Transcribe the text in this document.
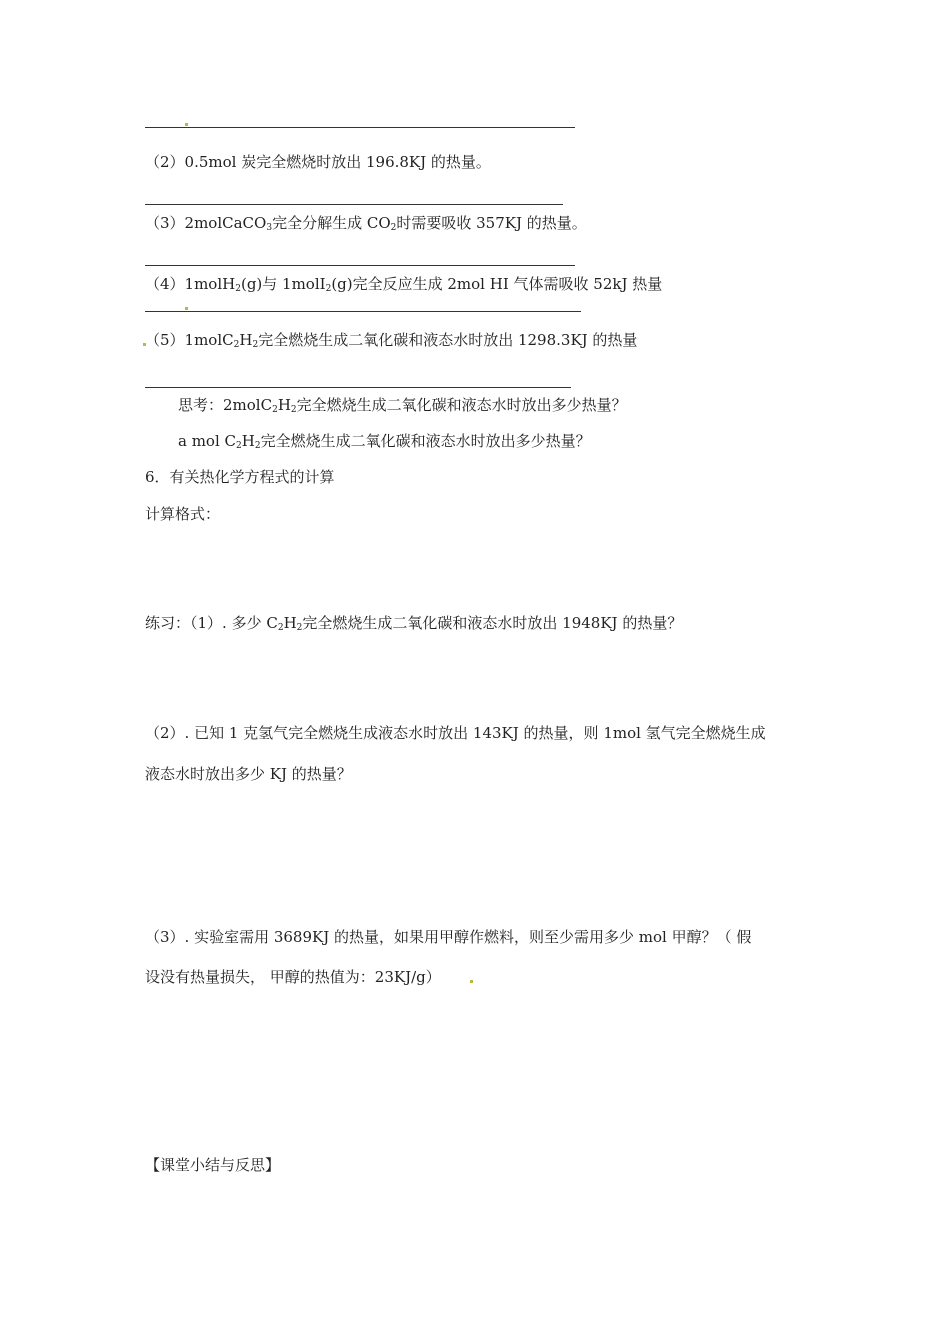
（2）0.5mol 炭完全燃烧时放出 196.8KJ 的热量。
（3）2molCaCO$_3$完全分解生成 $CO_2$时需要吸收 357KJ 的热量。
（4）1molH$_2$(g)与 1molI$_2$(g)完全反应生成 2mol HI 气体需吸收 52kJ 热量
$(5)1molC_2H_2$完全燃烧生成二氧化碳和液态水时放出 1298.3KJ 的热量
思考：$2molC_2H_2$完全燃烧生成二氧化碳和液态水时放出多少热量？
a mol $C_2H_2$完全燃烧生成二氧化碳和液态水时放出多少热量？
6．有关热化学方程式的计算
计算格式：
练习：（1）. 多少 $C_2H_2$完全燃烧生成二氧化碳和液态水时放出 1948KJ 的热量？
（2）. 已知 1 克氢气完全燃烧生成液态水时放出 143KJ 的热量，则 1mol 氢气完全燃烧生成
液态水时放出多少 KJ 的热量？
（3）. 实验室需用 3689KJ 的热量，如果用甲醇作燃料，则至少需用多少 mol 甲醇？（ 假
设没有热量损失， 甲醇的热值为：23KJ/g）
【课堂小结与反思】
